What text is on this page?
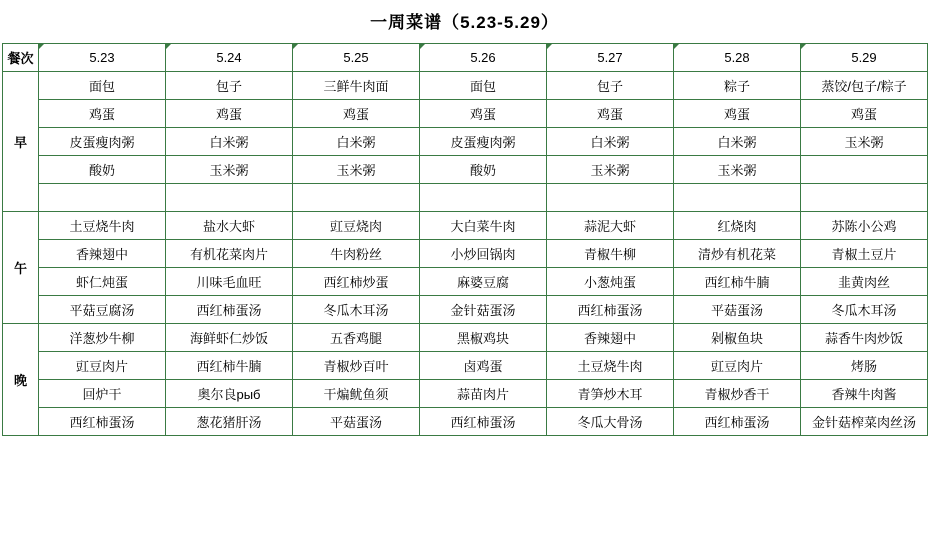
一周菜谱（5.23-5.29）
餐次	5.23	5.24	5.25	5.26	5.27	5.28	5.29
早	面包	包子	三鲜牛肉面	面包	包子	粽子	蒸饺/包子/粽子
	鸡蛋	鸡蛋	鸡蛋	鸡蛋	鸡蛋	鸡蛋	鸡蛋
	皮蛋瘦肉粥	白米粥	白米粥	皮蛋瘦肉粥	白米粥	白米粥	玉米粥
	酸奶	玉米粥	玉米粥	酸奶	玉米粥	玉米粥	

午	土豆烧牛肉	盐水大虾	豇豆烧肉	大白菜牛肉	蒜泥大虾	红烧肉	苏陈小公鸡
	香辣翅中	有机花菜肉片	牛肉粉丝	小炒回锅肉	青椒牛柳	清炒有机花菜	青椒土豆片
	虾仁炖蛋	川味毛血旺	西红柿炒蛋	麻婆豆腐	小葱炖蛋	西红柿牛腩	韭黄肉丝
	平菇豆腐汤	西红柿蛋汤	冬瓜木耳汤	金针菇蛋汤	西红柿蛋汤	平菇蛋汤	冬瓜木耳汤
晚	洋葱炒牛柳	海鲜虾仁炒饭	五香鸡腿	黑椒鸡块	香辣翅中	剁椒鱼块	蒜香牛肉炒饭
	豇豆肉片	西红柿牛腩	青椒炒百叶	卤鸡蛋	土豆烧牛肉	豇豆肉片	烤肠
	回炉干	奥尔良рыб	干煸鱿鱼须	蒜苗肉片	青笋炒木耳	青椒炒香干	香辣牛肉酱
	西红柿蛋汤	葱花猪肝汤	平菇蛋汤	西红柿蛋汤	冬瓜大骨汤	西红柿蛋汤	金针菇榨菜肉丝汤
